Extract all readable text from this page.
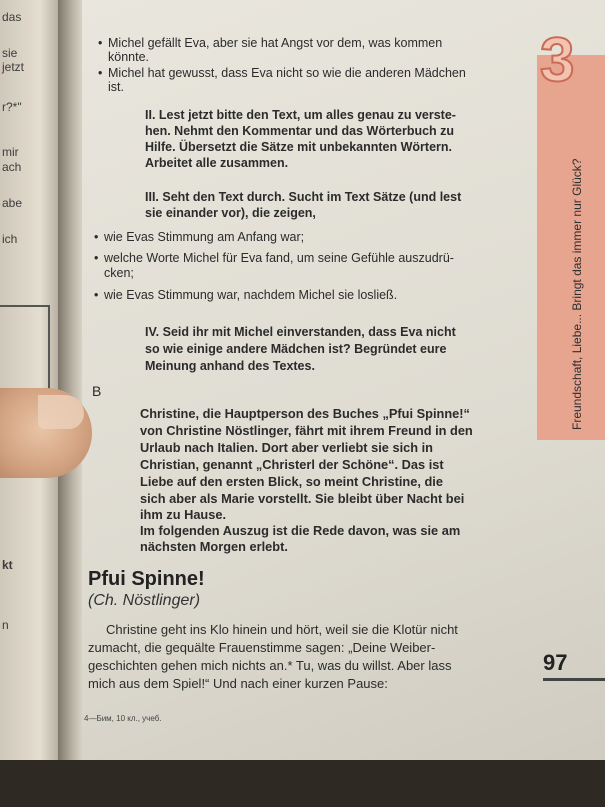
das
sie
jetzt
r?*"
mir
ach
abe
ich
kt
n
3
Freundschaft, Liebe... Bringt das immer nur Glück?
• Michel gefällt Eva, aber sie hat Angst vor dem, was kommen
könnte.
• Michel hat gewusst, dass Eva nicht so wie die anderen Mädchen
ist.
II. Lest jetzt bitte den Text, um alles genau zu verste-
hen. Nehmt den Kommentar und das Wörterbuch zu
Hilfe. Übersetzt die Sätze mit unbekannten Wörtern.
Arbeitet alle zusammen.
III. Seht den Text durch. Sucht im Text Sätze (und lest
sie einander vor), die zeigen,
• wie Evas Stimmung am Anfang war;
• welche Worte Michel für Eva fand, um seine Gefühle auszudrü-
cken;
• wie Evas Stimmung war, nachdem Michel sie losließ.
IV. Seid ihr mit Michel einverstanden, dass Eva nicht
so wie einige andere Mädchen ist? Begründet eure
Meinung anhand des Textes.
B
Christine, die Hauptperson des Buches „Pfui Spinne!“
von Christine Nöstlinger, fährt mit ihrem Freund in den
Urlaub nach Italien. Dort aber verliebt sie sich in
Christian, genannt „Christerl der Schöne“. Das ist
Liebe auf den ersten Blick, so meint Christine, die
sich aber als Marie vorstellt. Sie bleibt über Nacht bei
ihm zu Hause.
Im folgenden Auszug ist die Rede davon, was sie am
nächsten Morgen erlebt.
Pfui Spinne!
(Ch. Nöstlinger)
Christine geht ins Klo hinein und hört, weil sie die Klotür nicht
zumacht, die gequälte Frauenstimme sagen: „Deine Weiber-
geschichten gehen mich nichts an.* Tu, was du willst. Aber lass
mich aus dem Spiel!“ Und nach einer kurzen Pause:
97
4—Бим, 10 кл., учеб.
